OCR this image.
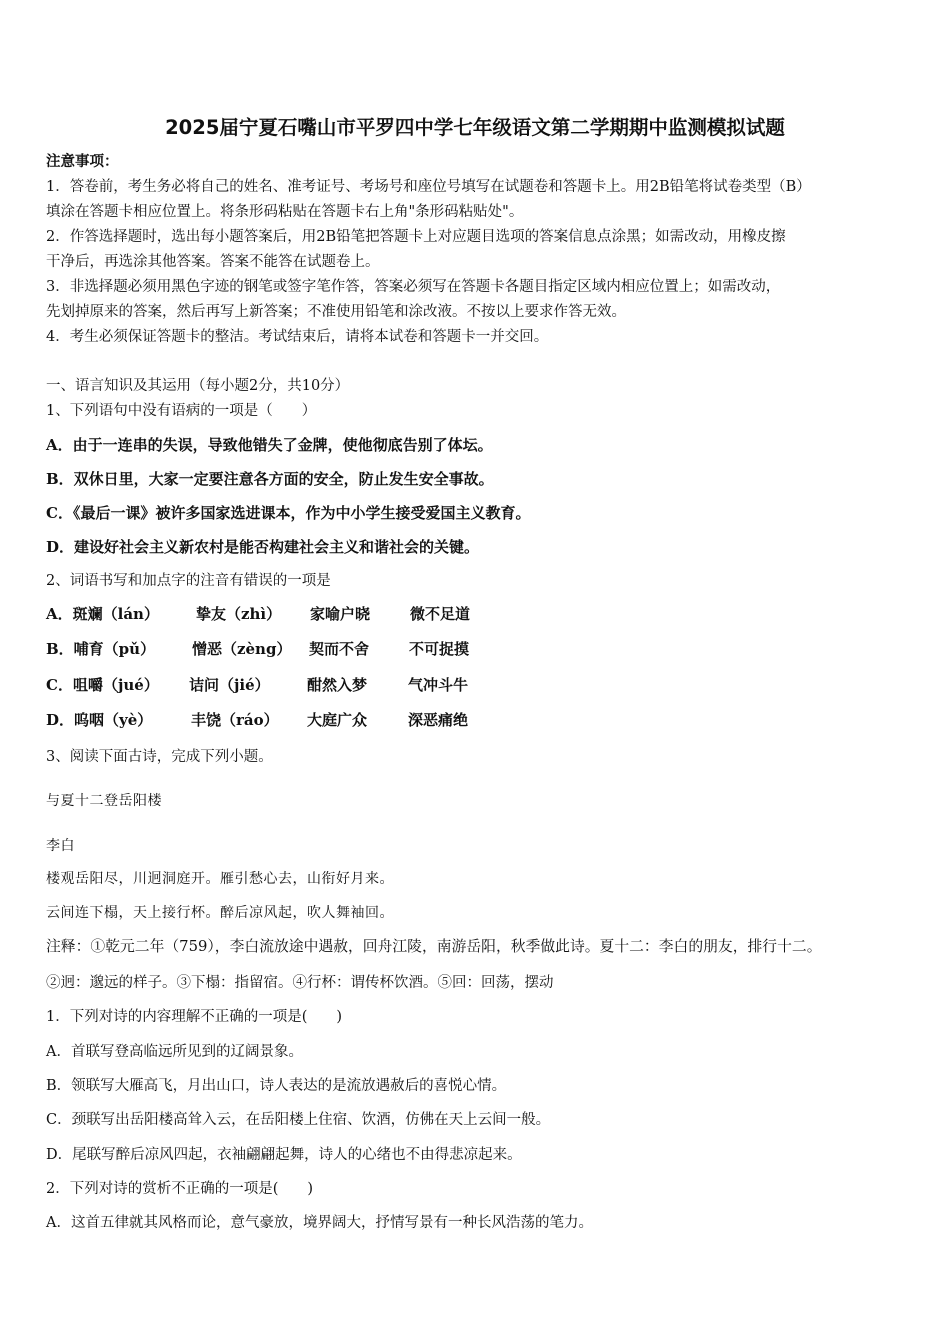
2025届宁夏石嘴山市平罗四中学七年级语文第二学期期中监测模拟试题
注意事项：
1．答卷前，考生务必将自己的姓名、准考证号、考场号和座位号填写在试题卷和答题卡上。用2B铅笔将试卷类型（B）
填涂在答题卡相应位置上。将条形码粘贴在答题卡右上角"条形码粘贴处"。
2．作答选择题时，选出每小题答案后，用2B铅笔把答题卡上对应题目选项的答案信息点涂黑；如需改动，用橡皮擦
干净后，再选涂其他答案。答案不能答在试题卷上。
3．非选择题必须用黑色字迹的钢笔或签字笔作答，答案必须写在答题卡各题目指定区域内相应位置上；如需改动，
先划掉原来的答案，然后再写上新答案；不准使用铅笔和涂改液。不按以上要求作答无效。
4．考生必须保证答题卡的整洁。考试结束后，请将本试卷和答题卡一并交回。
一、语言知识及其运用（每小题2分，共10分）
1、下列语句中没有语病的一项是（　　）
A．由于一连串的失误，导致他错失了金牌，使他彻底告别了体坛。
B．双休日里，大家一定要注意各方面的安全，防止发生安全事故。
C．《最后一课》被许多国家选进课本，作为中小学生接受爱国主义教育。
D．建设好社会主义新农村是能否构建社会主义和谐社会的关键。
2、词语书写和加点字的注音有错误的一项是
A．斑斓（lán） 挚友（zhì） 家喻户晓	微不足道
B．哺育（pǔ） 憎恶（zèng） 契而不舍	不可捉摸
C．咀嚼（jué） 诘问（jié） 酣然入梦	气冲斗牛
D．呜咽（yè）	丰饶（ráo） 大庭广众	深恶痛绝
3、阅读下面古诗，完成下列小题。
与夏十二登岳阳楼
李白
楼观岳阳尽，川迥洞庭开。雁引愁心去，山衔好月来。
云间连下榻，天上接行杯。醉后凉风起，吹人舞袖回。
注释：①乾元二年（759），李白流放途中遇赦，回舟江陵，南游岳阳，秋季做此诗。夏十二：李白的朋友，排行十二。
②迥：邈远的样子。③下榻：指留宿。④行杯：谓传杯饮酒。⑤回：回荡，摆动
1．下列对诗的内容理解不正确的一项是(　　)
A．首联写登高临远所见到的辽阔景象。
B．领联写大雁高飞，月出山口，诗人表达的是流放遇赦后的喜悦心情。
C．颈联写出岳阳楼高耸入云，在岳阳楼上住宿、饮酒，仿佛在天上云间一般。
D．尾联写醉后凉风四起，衣袖翩翩起舞，诗人的心绪也不由得悲凉起来。
2．下列对诗的赏析不正确的一项是(　　)
A．这首五律就其风格而论，意气豪放，境界阔大，抒情写景有一种长风浩荡的笔力。
